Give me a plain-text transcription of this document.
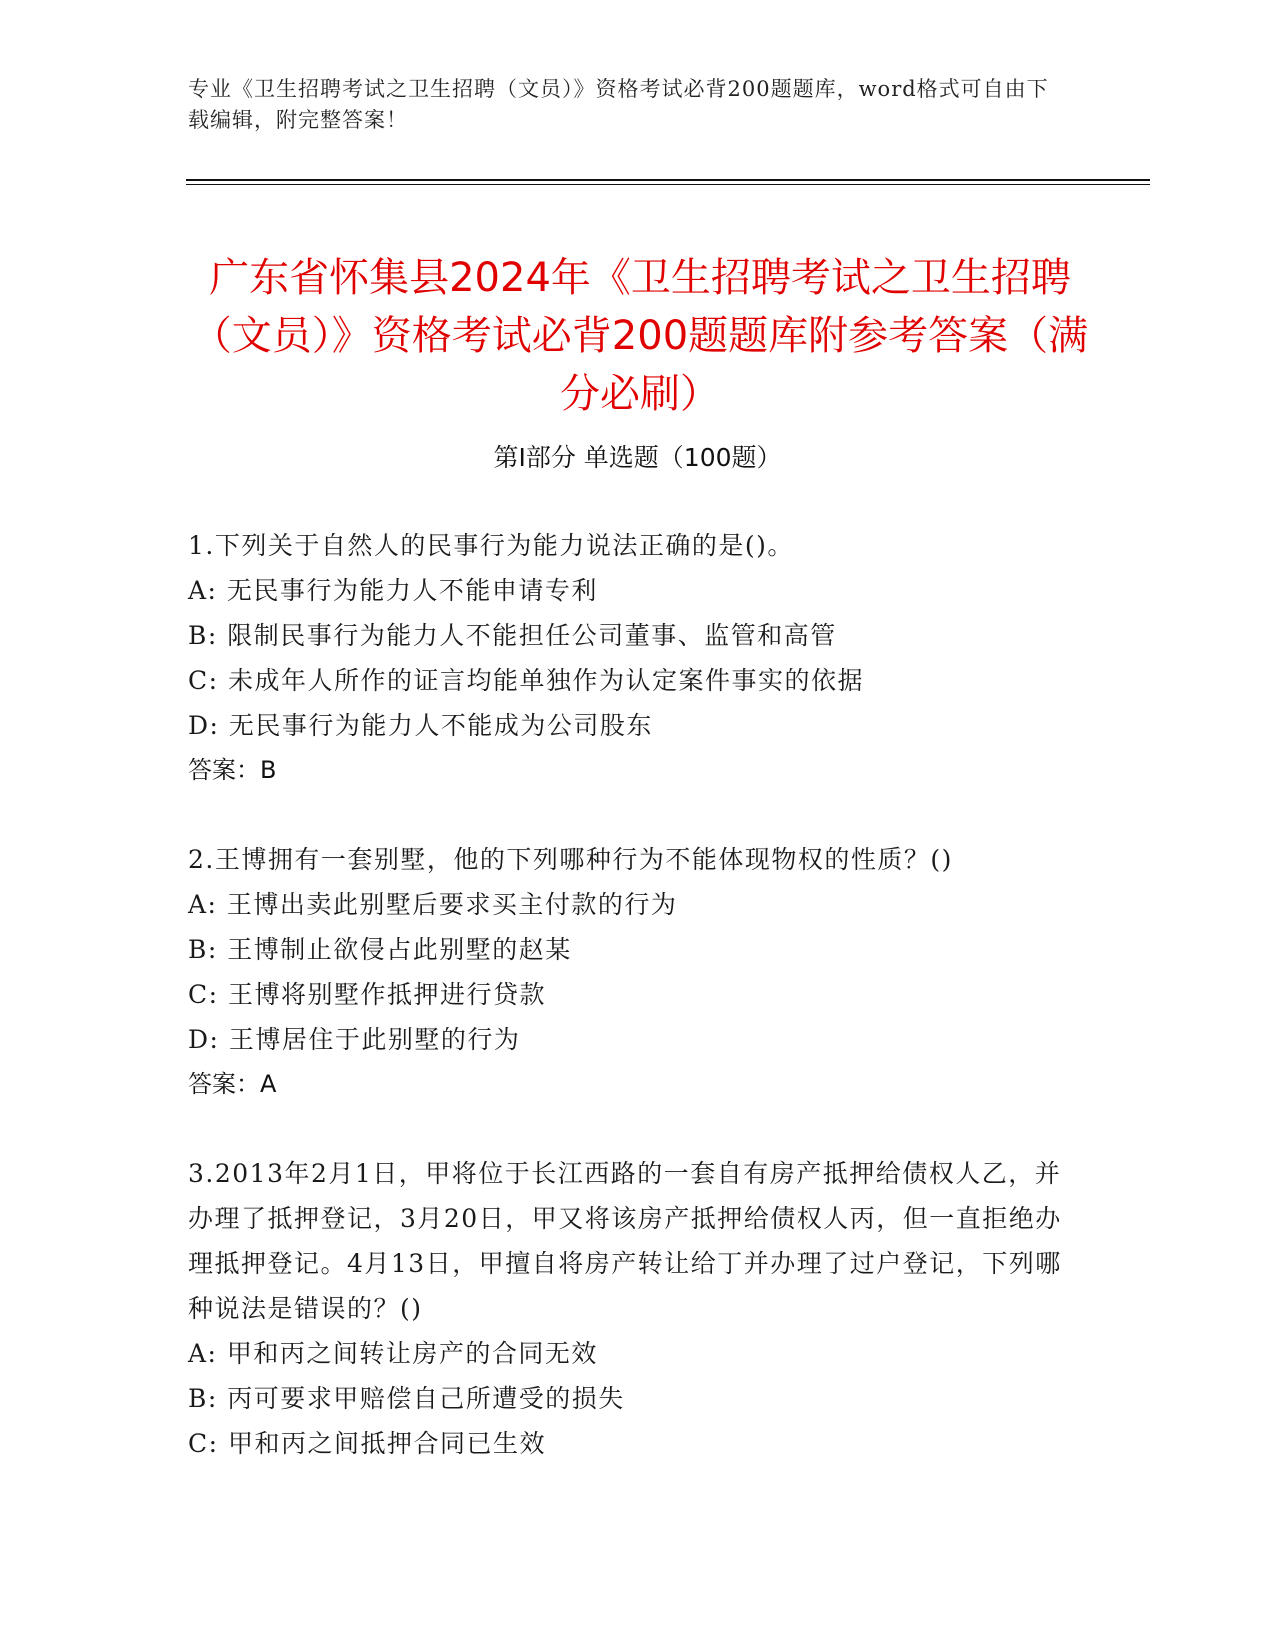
专业《卫生招聘考试之卫生招聘（文员）》资格考试必背200题题库，word格式可自由下载编辑，附完整答案！
广东省怀集县2024年《卫生招聘考试之卫生招聘（文员）》资格考试必背200题题库附参考答案（满分必刷）
第I部分 单选题（100题）
1.下列关于自然人的民事行为能力说法正确的是()。
A: 无民事行为能力人不能申请专利
B: 限制民事行为能力人不能担任公司董事、监管和高管
C: 未成年人所作的证言均能单独作为认定案件事实的依据
D: 无民事行为能力人不能成为公司股东
答案：B
2.王博拥有一套别墅，他的下列哪种行为不能体现物权的性质？()
A: 王博出卖此别墅后要求买主付款的行为
B: 王博制止欲侵占此别墅的赵某
C: 王博将别墅作抵押进行贷款
D: 王博居住于此别墅的行为
答案：A
3.2013年2月1日，甲将位于长江西路的一套自有房产抵押给债权人乙，并办理了抵押登记，3月20日，甲又将该房产抵押给债权人丙，但一直拒绝办理抵押登记。4月13日，甲擅自将房产转让给丁并办理了过户登记，下列哪种说法是错误的？()
A: 甲和丙之间转让房产的合同无效
B: 丙可要求甲赔偿自己所遭受的损失
C: 甲和丙之间抵押合同已生效
